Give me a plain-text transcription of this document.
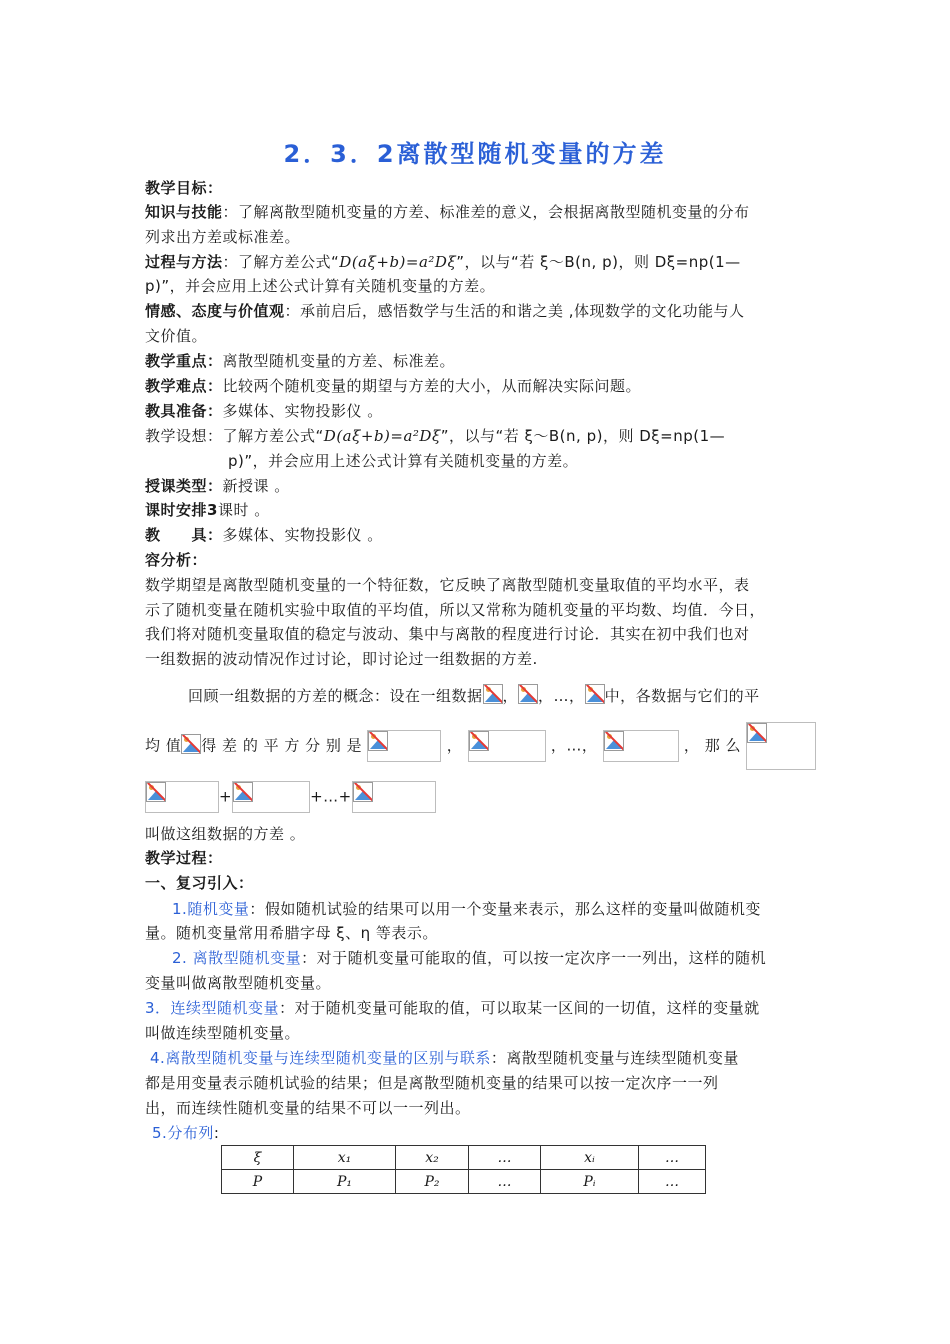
2．3．2离散型随机变量的方差
教学目标：
知识与技能：了解离散型随机变量的方差、标准差的意义，会根据离散型随机变量的分布
列求出方差或标准差。
过程与方法：了解方差公式“D(aξ+b)=a²Dξ”，以与“若 ξ～B(n, p)，则 Dξ=np(1—
p)”，并会应用上述公式计算有关随机变量的方差。
情感、态度与价值观：承前启后，感悟数学与生活的和谐之美 ,体现数学的文化功能与人
文价值。
教学重点：离散型随机变量的方差、标准差。
教学难点：比较两个随机变量的期望与方差的大小，从而解决实际问题。
教具准备：多媒体、实物投影仪 。
教学设想：了解方差公式“D(aξ+b)=a²Dξ”，以与“若 ξ～B(n, p)，则 Dξ=np(1—
p)”，并会应用上述公式计算有关随机变量的方差。
授课类型：新授课 。
课时安排3课时 。
教　　具：多媒体、实物投影仪 。
容分析：
数学期望是离散型随机变量的一个特征数，它反映了离散型随机变量取值的平均水平，表
示了随机变量在随机实验中取值的平均值，所以又常称为随机变量的平均数、均值．今日，
我们将对随机变量取值的稳定与波动、集中与离散的程度进行讨论．其实在初中我们也对
一组数据的波动情况作过讨论，即讨论过一组数据的方差.
回顾一组数据的方差的概念：设在一组数据 ， ，…， 中，各数据与它们的平
均 值 得 差 的 平 方 分 别 是	，	，…，	， 那 么
+	+…+
叫做这组数据的方差 。
教学过程：
一、复习引入：
1.随机变量：假如随机试验的结果可以用一个变量来表示，那么这样的变量叫做随机变
量。随机变量常用希腊字母 ξ、η 等表示。
2. 离散型随机变量：对于随机变量可能取的值，可以按一定次序一一列出，这样的随机
变量叫做离散型随机变量。
3．连续型随机变量：对于随机变量可能取的值，可以取某一区间的一切值，这样的变量就
叫做连续型随机变量。
4.离散型随机变量与连续型随机变量的区别与联系：离散型随机变量与连续型随机变量
都是用变量表示随机试验的结果；但是离散型随机变量的结果可以按一定次序一一列
出，而连续性随机变量的结果不可以一一列出。
5.分布列:
ξ	x₁	x₂	…	xᵢ	…
P	P₁	P₂	…	Pᵢ	…
